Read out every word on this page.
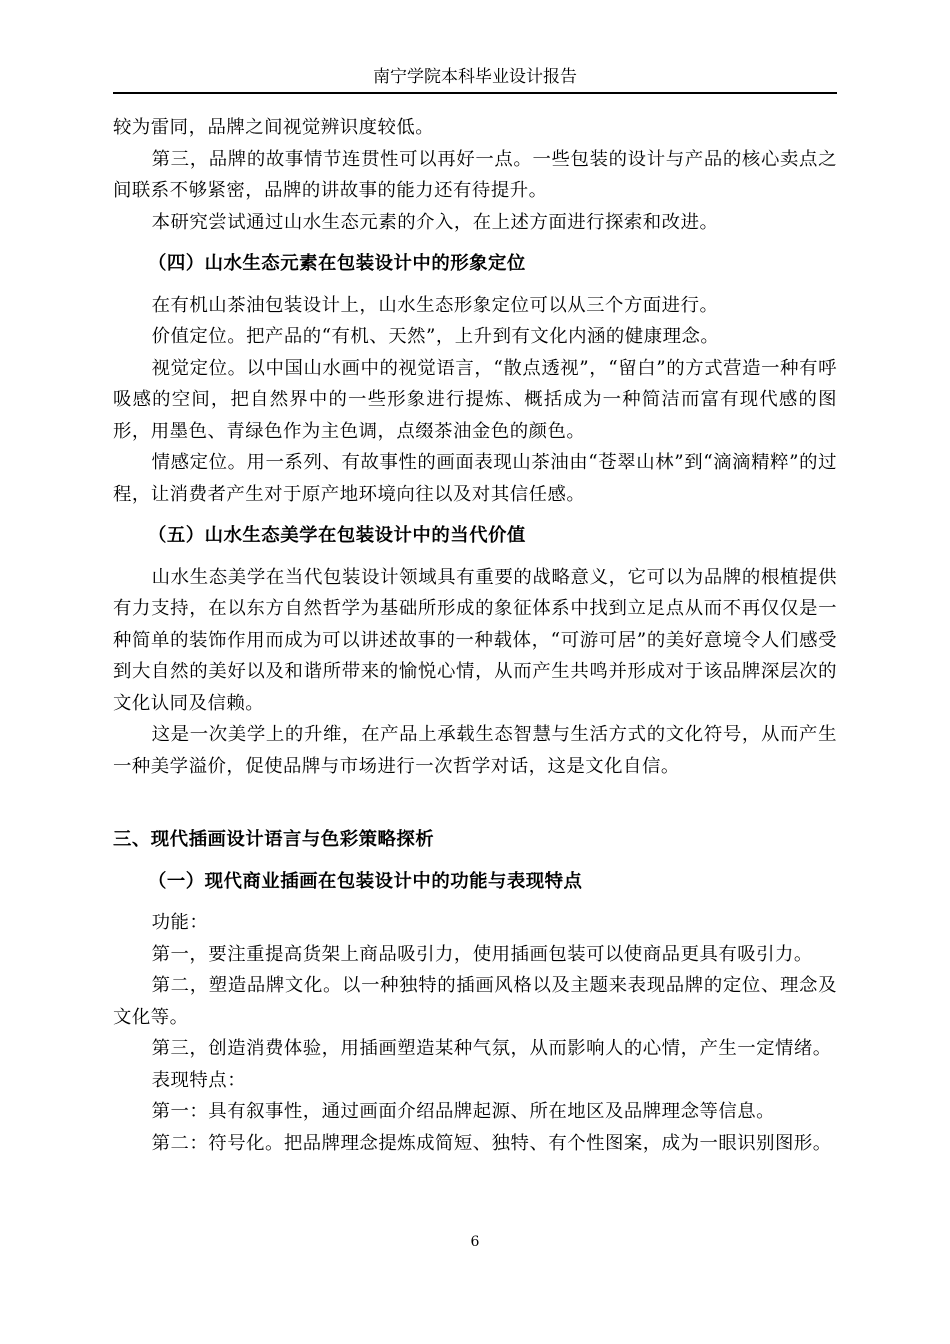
南宁学院本科毕业设计报告

较为雷同，品牌之间视觉辨识度较低。

第三，品牌的故事情节连贯性可以再好一点。一些包装的设计与产品的核心卖点之间联系不够紧密，品牌的讲故事的能力还有待提升。

本研究尝试通过山水生态元素的介入，在上述方面进行探索和改进。

（四）山水生态元素在包装设计中的形象定位

在有机山茶油包装设计上，山水生态形象定位可以从三个方面进行。

价值定位。把产品的“有机、天然”，上升到有文化内涵的健康理念。

视觉定位。以中国山水画中的视觉语言，“散点透视”，“留白”的方式营造一种有呼吸感的空间，把自然界中的一些形象进行提炼、概括成为一种简洁而富有现代感的图形，用墨色、青绿色作为主色调，点缀茶油金色的颜色。

情感定位。用一系列、有故事性的画面表现山茶油由“苍翠山林”到“滴滴精粹”的过程，让消费者产生对于原产地环境向往以及对其信任感。

（五）山水生态美学在包装设计中的当代价值

山水生态美学在当代包装设计领域具有重要的战略意义，它可以为品牌的根植提供有力支持，在以东方自然哲学为基础所形成的象征体系中找到立足点从而不再仅仅是一种简单的装饰作用而成为可以讲述故事的一种载体，“可游可居”的美好意境令人们感受到大自然的美好以及和谐所带来的愉悦心情，从而产生共鸣并形成对于该品牌深层次的文化认同及信赖。

这是一次美学上的升维，在产品上承载生态智慧与生活方式的文化符号，从而产生一种美学溢价，促使品牌与市场进行一次哲学对话，这是文化自信。

三、现代插画设计语言与色彩策略探析

（一）现代商业插画在包装设计中的功能与表现特点

功能：

第一，要注重提高货架上商品吸引力，使用插画包装可以使商品更具有吸引力。

第二，塑造品牌文化。以一种独特的插画风格以及主题来表现品牌的定位、理念及文化等。

第三，创造消费体验，用插画塑造某种气氛，从而影响人的心情，产生一定情绪。

表现特点：

第一：具有叙事性，通过画面介绍品牌起源、所在地区及品牌理念等信息。

第二：符号化。把品牌理念提炼成简短、独特、有个性图案，成为一眼识别图形。

6
